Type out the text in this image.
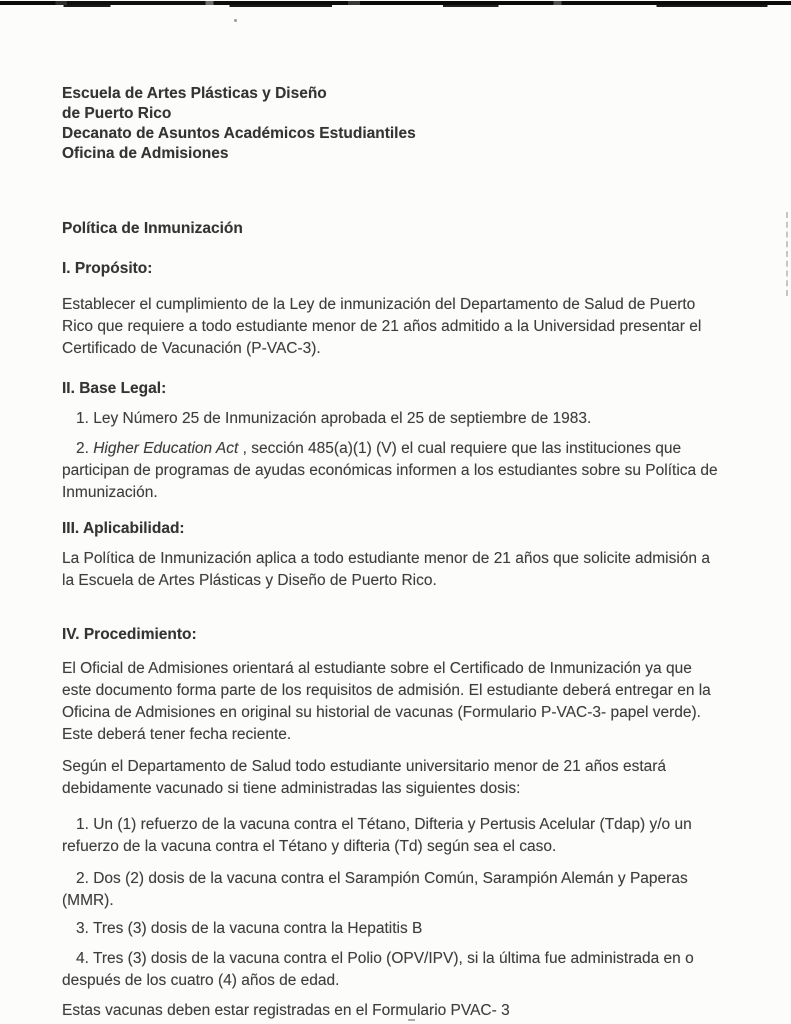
Escuela de Artes Plásticas y Diseño
de Puerto Rico
Decanato de Asuntos Académicos Estudiantiles
Oficina de Admisiones
Política de Inmunización
I. Propósito:

Establecer el cumplimiento de la Ley de inmunización del Departamento de Salud de Puerto Rico que requiere a todo estudiante menor de 21 años admitido a la Universidad presentar el Certificado de Vacunación (P-VAC-3).

II. Base Legal:

1. Ley Número 25 de Inmunización aprobada el 25 de septiembre de 1983.

2. Higher Education Act , sección 485(a)(1) (V) el cual requiere que las instituciones que participan de programas de ayudas económicas informen a los estudiantes sobre su Política de Inmunización.

III. Aplicabilidad:

La Política de Inmunización aplica a todo estudiante menor de 21 años que solicite admisión a la Escuela de Artes Plásticas y Diseño de Puerto Rico.

IV. Procedimiento:

El Oficial de Admisiones orientará al estudiante sobre el Certificado de Inmunización ya que este documento forma parte de los requisitos de admisión. El estudiante deberá entregar en la Oficina de Admisiones en original su historial de vacunas (Formulario P-VAC-3- papel verde). Este deberá tener fecha reciente.

Según el Departamento de Salud todo estudiante universitario menor de 21 años estará debidamente vacunado si tiene administradas las siguientes dosis:

1. Un (1) refuerzo de la vacuna contra el Tétano, Difteria y Pertusis Acelular (Tdap) y/o un refuerzo de la vacuna contra el Tétano y difteria (Td) según sea el caso.

2. Dos (2) dosis de la vacuna contra el Sarampión Común, Sarampión Alemán y Paperas (MMR).

3. Tres (3) dosis de la vacuna contra la Hepatitis B

4. Tres (3) dosis de la vacuna contra el Polio (OPV/IPV), si la última fue administrada en o después de los cuatro (4) años de edad.

Estas vacunas deben estar registradas en el Formulario PVAC- 3
